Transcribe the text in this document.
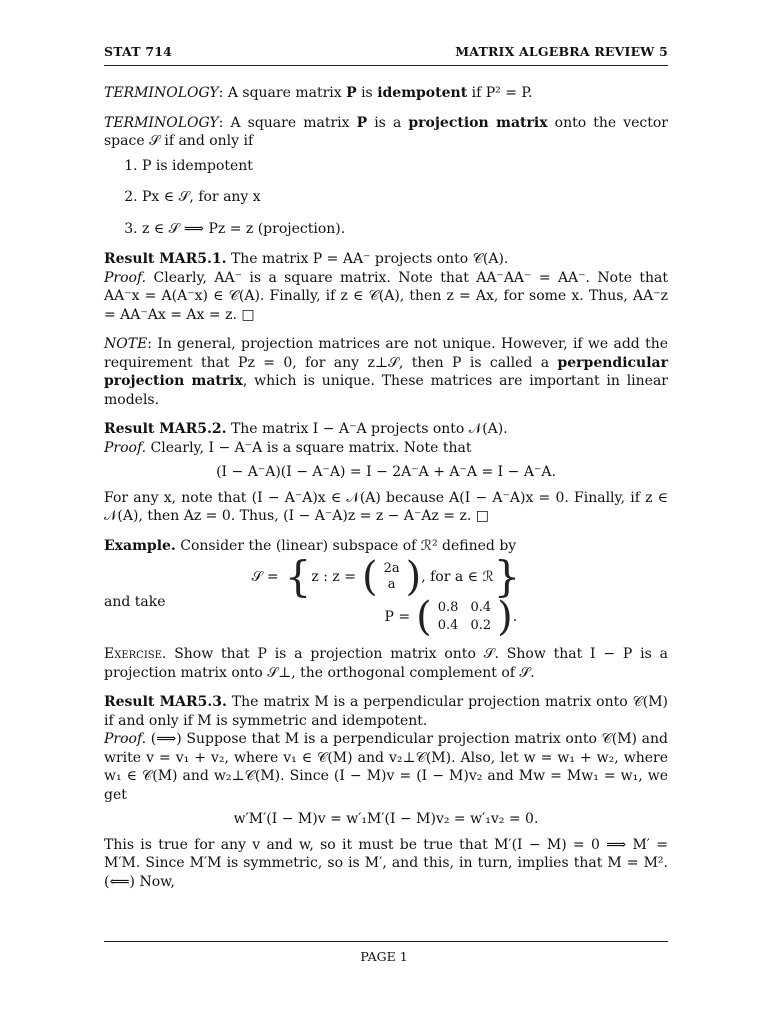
STAT 714	MATRIX ALGEBRA REVIEW 5

TERMINOLOGY: A square matrix P is idempotent if P² = P.

TERMINOLOGY: A square matrix P is a projection matrix onto the vector space 𝒮 if and only if

1. P is idempotent
2. Px ∈ 𝒮, for any x
3. z ∈ 𝒮 ⟹ Pz = z (projection).

Result MAR5.1. The matrix P = AA⁻ projects onto 𝒞(A).
Proof. Clearly, AA⁻ is a square matrix. Note that AA⁻AA⁻ = AA⁻. Note that AA⁻x = A(A⁻x) ∈ 𝒞(A). Finally, if z ∈ 𝒞(A), then z = Ax, for some x. Thus, AA⁻z = AA⁻Ax = Ax = z. □

NOTE: In general, projection matrices are not unique. However, if we add the requirement that Pz = 0, for any z⊥𝒮, then P is called a perpendicular projection matrix, which is unique. These matrices are important in linear models.

Result MAR5.2. The matrix I − A⁻A projects onto 𝒩(A).
Proof. Clearly, I − A⁻A is a square matrix. Note that

(I − A⁻A)(I − A⁻A) = I − 2A⁻A + A⁻A = I − A⁻A.

For any x, note that (I − A⁻A)x ∈ 𝒩(A) because A(I − A⁻A)x = 0. Finally, if z ∈ 𝒩(A), then Az = 0. Thus, (I − A⁻A)z = z − A⁻Az = z. □

Example. Consider the (linear) subspace of ℛ² defined by

𝒮 = { z : z = ( 2a
a ) , for a ∈ ℛ }
and take
P = ( 0.8 0.4
0.4 0.2 ) .

Exercise. Show that P is a projection matrix onto 𝒮. Show that I − P is a projection matrix onto 𝒮⊥, the orthogonal complement of 𝒮.

Result MAR5.3. The matrix M is a perpendicular projection matrix onto 𝒞(M) if and only if M is symmetric and idempotent.
Proof. (⟹) Suppose that M is a perpendicular projection matrix onto 𝒞(M) and write v = v₁ + v₂, where v₁ ∈ 𝒞(M) and v₂⊥𝒞(M). Also, let w = w₁ + w₂, where w₁ ∈ 𝒞(M) and w₂⊥𝒞(M). Since (I − M)v = (I − M)v₂ and Mw = Mw₁ = w₁, we get

w′M′(I − M)v = w′₁M′(I − M)v₂ = w′₁v₂ = 0.

This is true for any v and w, so it must be true that M′(I − M) = 0 ⟹ M′ = M′M. Since M′M is symmetric, so is M′, and this, in turn, implies that M = M². (⟸) Now,

PAGE 1
